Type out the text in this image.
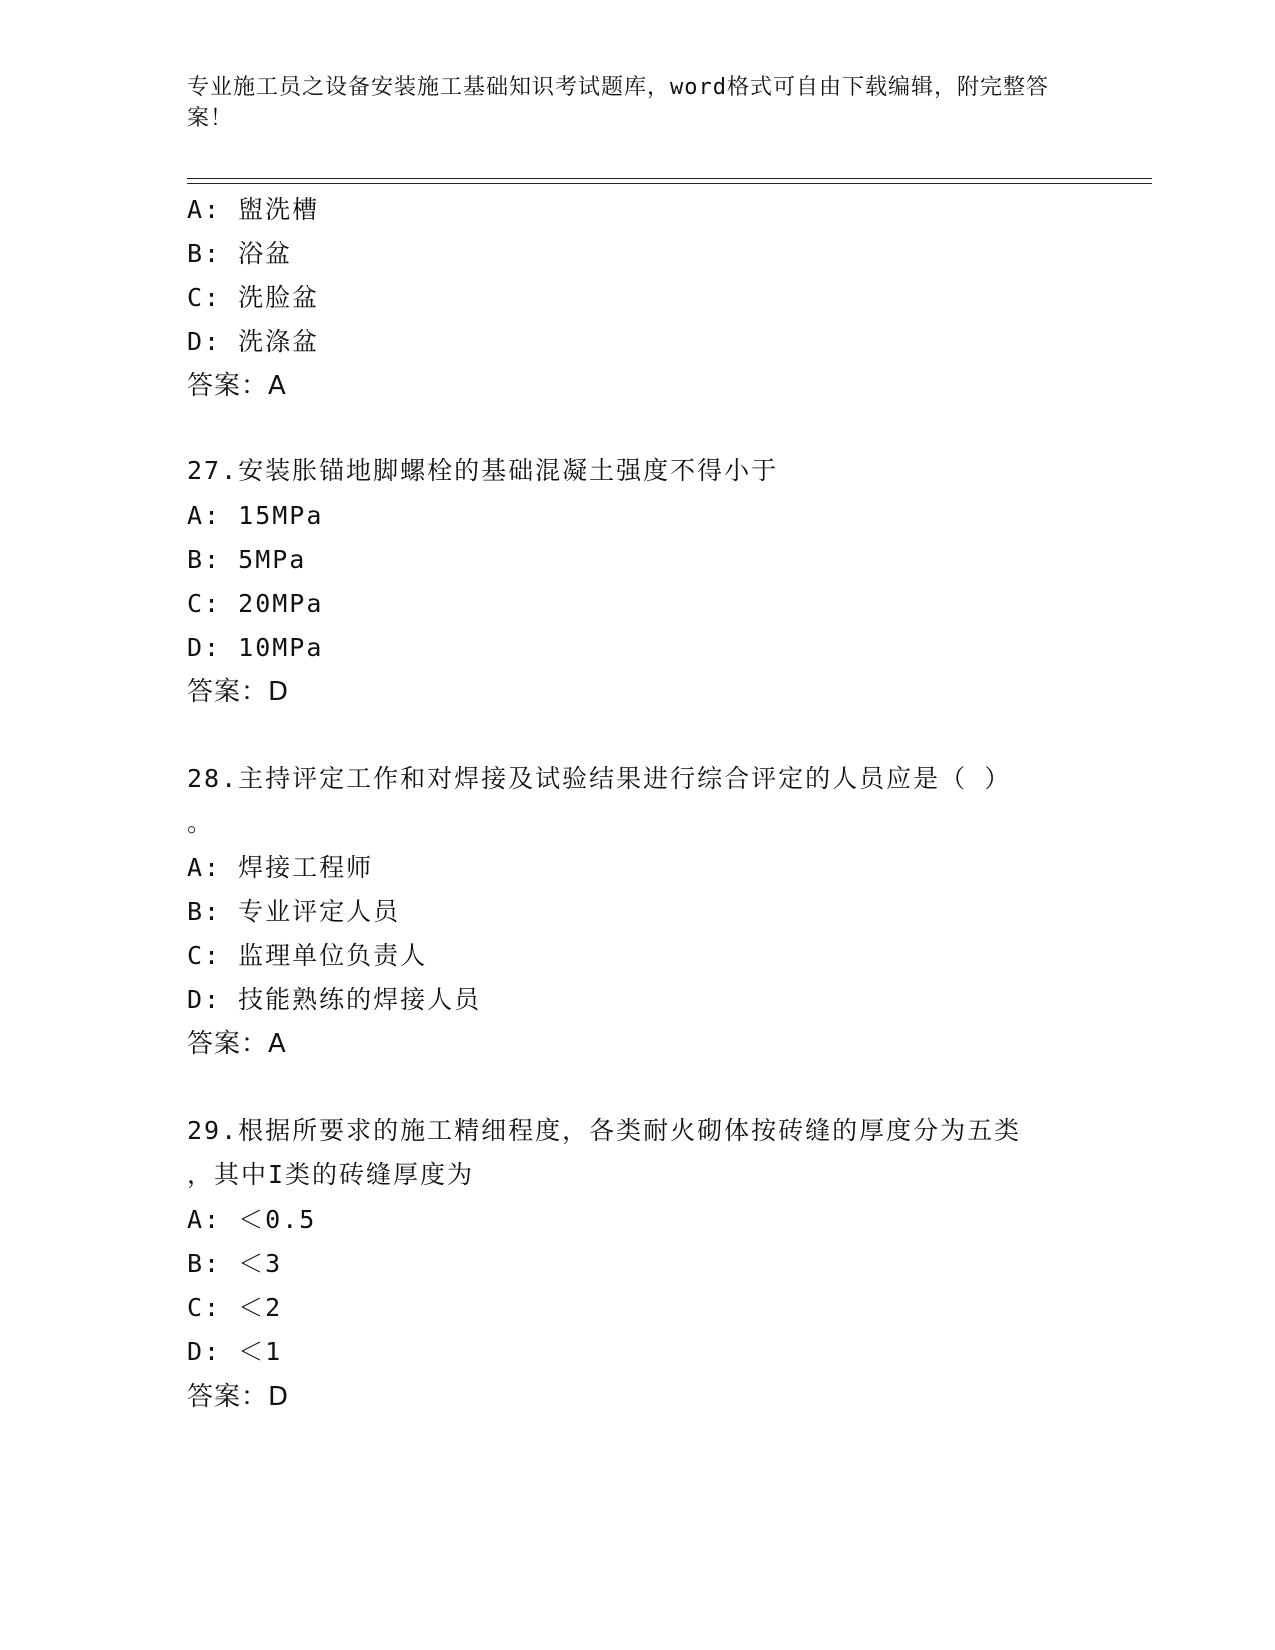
专业施工员之设备安装施工基础知识考试题库，word格式可自由下载编辑，附完整答案！
A: 盥洗槽
B: 浴盆
C: 洗脸盆
D: 洗涤盆
答案：A
27.安装胀锚地脚螺栓的基础混凝土强度不得小于
A: 15MPa
B: 5MPa
C: 20MPa
D: 10MPa
答案：D
28.主持评定工作和对焊接及试验结果进行综合评定的人员应是（ ）
。
A: 焊接工程师
B: 专业评定人员
C: 监理单位负责人
D: 技能熟练的焊接人员
答案：A
29.根据所要求的施工精细程度，各类耐火砌体按砖缝的厚度分为五类
，其中I类的砖缝厚度为
A: ＜0.5
B: ＜3
C: ＜2
D: ＜1
答案：D
